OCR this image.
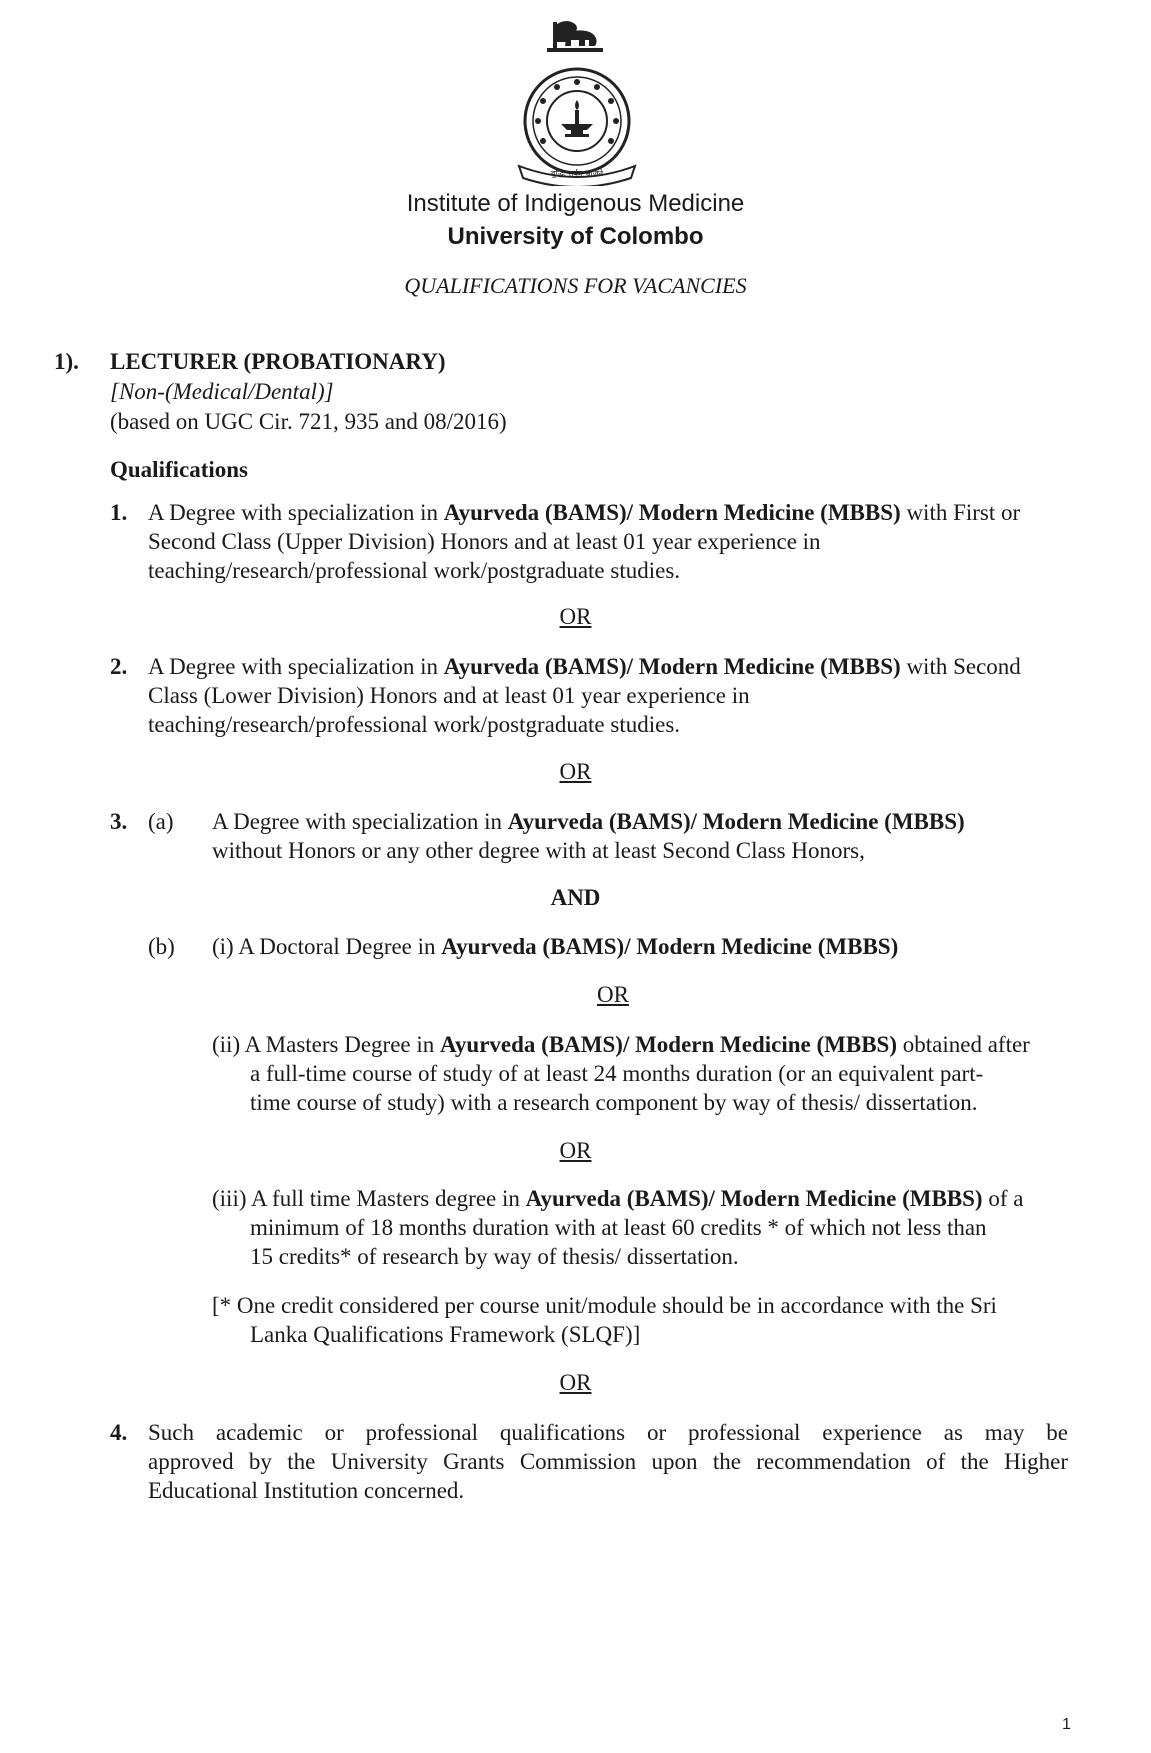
बुद्धिः सर्वत्र भ्राजते
Institute of Indigenous Medicine
University of Colombo
QUALIFICATIONS FOR VACANCIES
1). LECTURER (PROBATIONARY)
[Non-(Medical/Dental)]
(based on UGC Cir. 721, 935 and 08/2016)
Qualifications
1. A Degree with specialization in Ayurveda (BAMS)/ Modern Medicine (MBBS) with First or
Second Class (Upper Division) Honors and at least 01 year experience in
teaching/research/professional work/postgraduate studies.
OR
2. A Degree with specialization in Ayurveda (BAMS)/ Modern Medicine (MBBS) with Second
Class (Lower Division) Honors and at least 01 year experience in
teaching/research/professional work/postgraduate studies.
OR
3. (a) A Degree with specialization in Ayurveda (BAMS)/ Modern Medicine (MBBS)
without Honors or any other degree with at least Second Class Honors,
AND
(b) (i) A Doctoral Degree in Ayurveda (BAMS)/ Modern Medicine (MBBS)
OR
(ii) A Masters Degree in Ayurveda (BAMS)/ Modern Medicine (MBBS) obtained after
a full-time course of study of at least 24 months duration (or an equivalent part-
time course of study) with a research component by way of thesis/ dissertation.
OR
(iii) A full time Masters degree in Ayurveda (BAMS)/ Modern Medicine (MBBS) of a
minimum of 18 months duration with at least 60 credits * of which not less than
15 credits* of research by way of thesis/ dissertation.
[* One credit considered per course unit/module should be in accordance with the Sri
Lanka Qualifications Framework (SLQF)]
OR
4. Such academic or professional qualifications or professional experience as may be
approved by the University Grants Commission upon the recommendation of the Higher
Educational Institution concerned.
1
